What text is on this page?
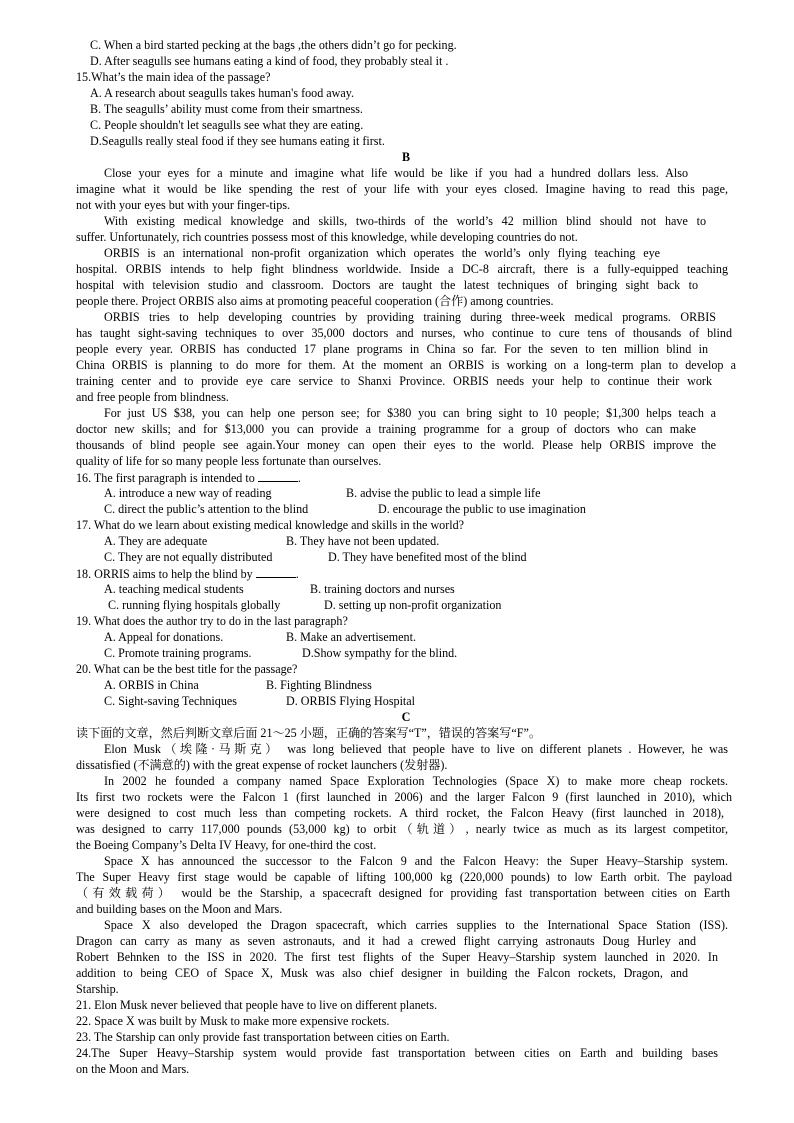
C. When a bird started pecking at the bags ,the others didn’t go for pecking.
D. After seagulls see humans eating a kind of food, they probably steal it .
15.What’s the main idea of the passage?
A. A research about seagulls takes human's food away.
B. The seagulls’ ability must come from their smartness.
C. People shouldn't let seagulls see what they are eating.
D.Seagulls really steal food if they see humans eating it first.
B
Close your eyes for a minute and imagine what life would be like if you had a hundred dollars less. Also
imagine what it would be like spending the rest of your life with your eyes closed. Imagine having to read this page,
not with your eyes but with your finger-tips.
With existing medical knowledge and skills, two-thirds of the world’s 42 million blind should not have to
suffer. Unfortunately, rich countries possess most of this knowledge, while developing countries do not.
ORBIS is an international non-profit organization which operates the world’s only flying teaching eye
hospital. ORBIS intends to help fight blindness worldwide. Inside a DC-8 aircraft, there is a fully-equipped teaching
hospital with television studio and classroom. Doctors are taught the latest techniques of bringing sight back to
people there. Project ORBIS also aims at promoting peaceful cooperation (合作) among countries.
ORBIS tries to help developing countries by providing training during three-week medical programs. ORBIS
has taught sight-saving techniques to over 35,000 doctors and nurses, who continue to cure tens of thousands of blind
people every year. ORBIS has conducted 17 plane programs in China so far. For the seven to ten million blind in
China ORBIS is planning to do more for them. At the moment an ORBIS is working on a long-term plan to develop a
training center and to provide eye care service to Shanxi Province. ORBIS needs your help to continue their work
and free people from blindness.
For just US $38, you can help one person see; for $380 you can bring sight to 10 people; $1,300 helps teach a
doctor new skills; and for $13,000 you can provide a training programme for a group of doctors who can make
thousands of blind people see again.Your money can open their eyes to the world. Please help ORBIS improve the
quality of life for so many people less fortunate than ourselves.
16. The first paragraph is intended to	.
A. introduce a new way of reading	B. advise the public to lead a simple life
C. direct the public’s attention to the blind	D. encourage the public to use imagination
17. What do we learn about existing medical knowledge and skills in the world?
A. They are adequate	B. They have not been updated.
C. They are not equally distributed	D. They have benefited most of the blind
18. ORRIS aims to help the blind by	.
A. teaching medical students	B. training doctors and nurses
C. running flying hospitals globally	D. setting up non-profit organization
19. What does the author try to do in the last paragraph?
A. Appeal for donations.	B. Make an advertisement.
C. Promote training programs.	D.Show sympathy for the blind.
20. What can be the best title for the passage?
A. ORBIS in China	B. Fighting Blindness
C. Sight-saving Techniques	D. ORBIS Flying Hospital
C
读下面的文章，然后判断文章后面 21～25 小题，正确的答案写“T”，错误的答案写“F”。
Elon Musk（埃隆·马斯克） was long believed that people have to live on different planets . However, he was
dissatisfied (不满意的) with the great expense of rocket launchers (发射器).
In 2002 he founded a company named Space Exploration Technologies (Space X) to make more cheap rockets.
Its first two rockets were the Falcon 1 (first launched in 2006) and the larger Falcon 9 (first launched in 2010), which
were designed to cost much less than competing rockets. A third rocket, the Falcon Heavy (first launched in 2018),
was designed to carry 117,000 pounds (53,000 kg) to orbit（轨道）, nearly twice as much as its largest competitor,
the Boeing Company’s Delta IV Heavy, for one-third the cost.
Space X has announced the successor to the Falcon 9 and the Falcon Heavy: the Super Heavy–Starship system.
The Super Heavy first stage would be capable of lifting 100,000 kg (220,000 pounds) to low Earth orbit. The payload
（有效载荷） would be the Starship, a spacecraft designed for providing fast transportation between cities on Earth
and building bases on the Moon and Mars.
Space X also developed the Dragon spacecraft, which carries supplies to the International Space Station (ISS).
Dragon can carry as many as seven astronauts, and it had a crewed flight carrying astronauts Doug Hurley and
Robert Behnken to the ISS in 2020. The first test flights of the Super Heavy–Starship system launched in 2020. In
addition to being CEO of Space X, Musk was also chief designer in building the Falcon rockets, Dragon, and
Starship.
21. Elon Musk never believed that people have to live on different planets.
22. Space X was built by Musk to make more expensive rockets.
23. The Starship can only provide fast transportation between cities on Earth.
24.The Super Heavy–Starship system would provide fast transportation between cities on Earth and building bases
on the Moon and Mars.
